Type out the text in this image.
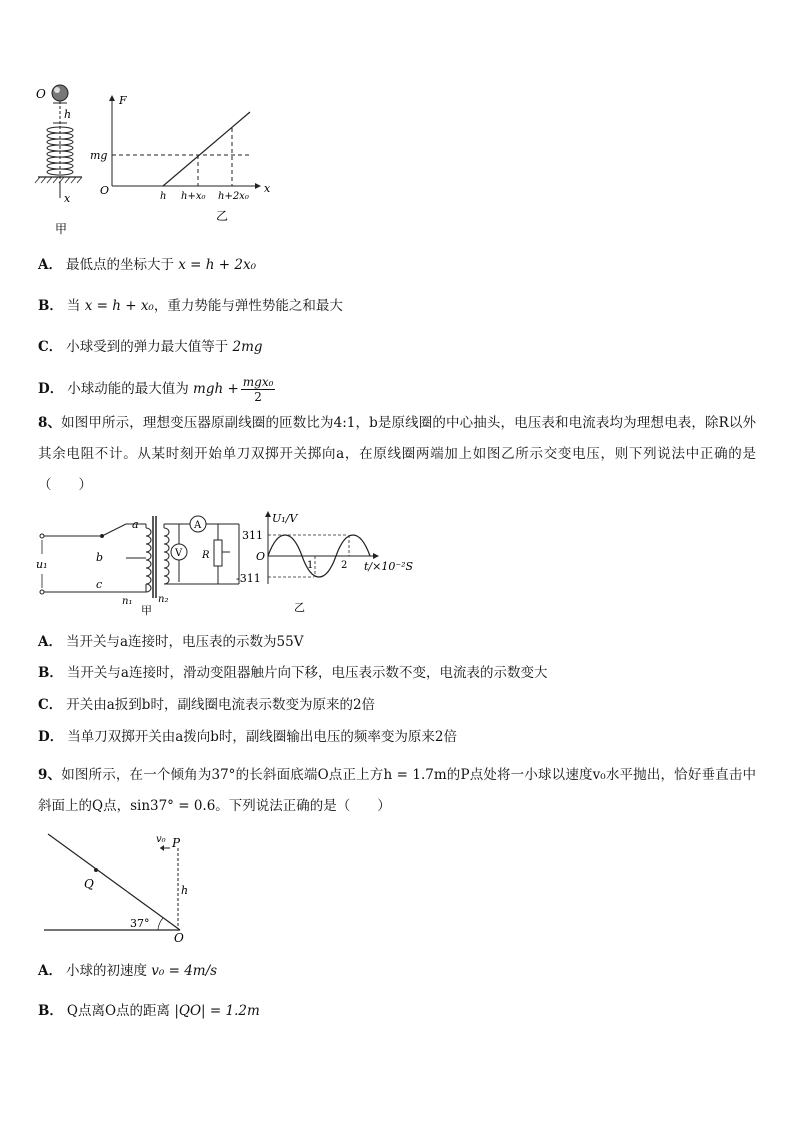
O
h
x
甲
F
x
O
mg
h h+x₀ h+2x₀
乙
A． 最低点的坐标大于 x = h + 2x₀
B． 当 x = h + x₀，重力势能与弹性势能之和最大
C． 小球受到的弹力最大值等于 2mg
D． 小球动能的最大值为 mgh + $\frac{\text{mgx₀}}{2}$
8、如图甲所示，理想变压器原副线圈的匝数比为4:1，b是原线圈的中心抽头，电压表和电流表均为理想电表，除R以外其余电阻不计。从某时刻开始单刀双掷开关掷向a，在原线圈两端加上如图乙所示交变电压，则下列说法中正确的是（　　）
A
V R
a
b
c
u₁
n₁	n₂
甲
U₁/V
O
311
-311
1	2 t/×10⁻²S
乙
A． 当开关与a连接时，电压表的示数为55V
B． 当开关与a连接时，滑动变阻器触片向下移，电压表示数不变，电流表的示数变大
C． 开关由a扳到b时，副线圈电流表示数变为原来的2倍
D． 当单刀双掷开关由a拨向b时，副线圈输出电压的频率变为原来2倍
9、如图所示，在一个倾角为37°的长斜面底端O点正上方h = 1.7m的P点处将一小球以速度v₀水平抛出，恰好垂直击中斜面上的Q点，sin37° = 0.6。下列说法正确的是（　　）
Q	h
P
v₀
37°
O
A． 小球的初速度 v₀ = 4m/s
B． Q点离O点的距离 |QO| = 1.2m
